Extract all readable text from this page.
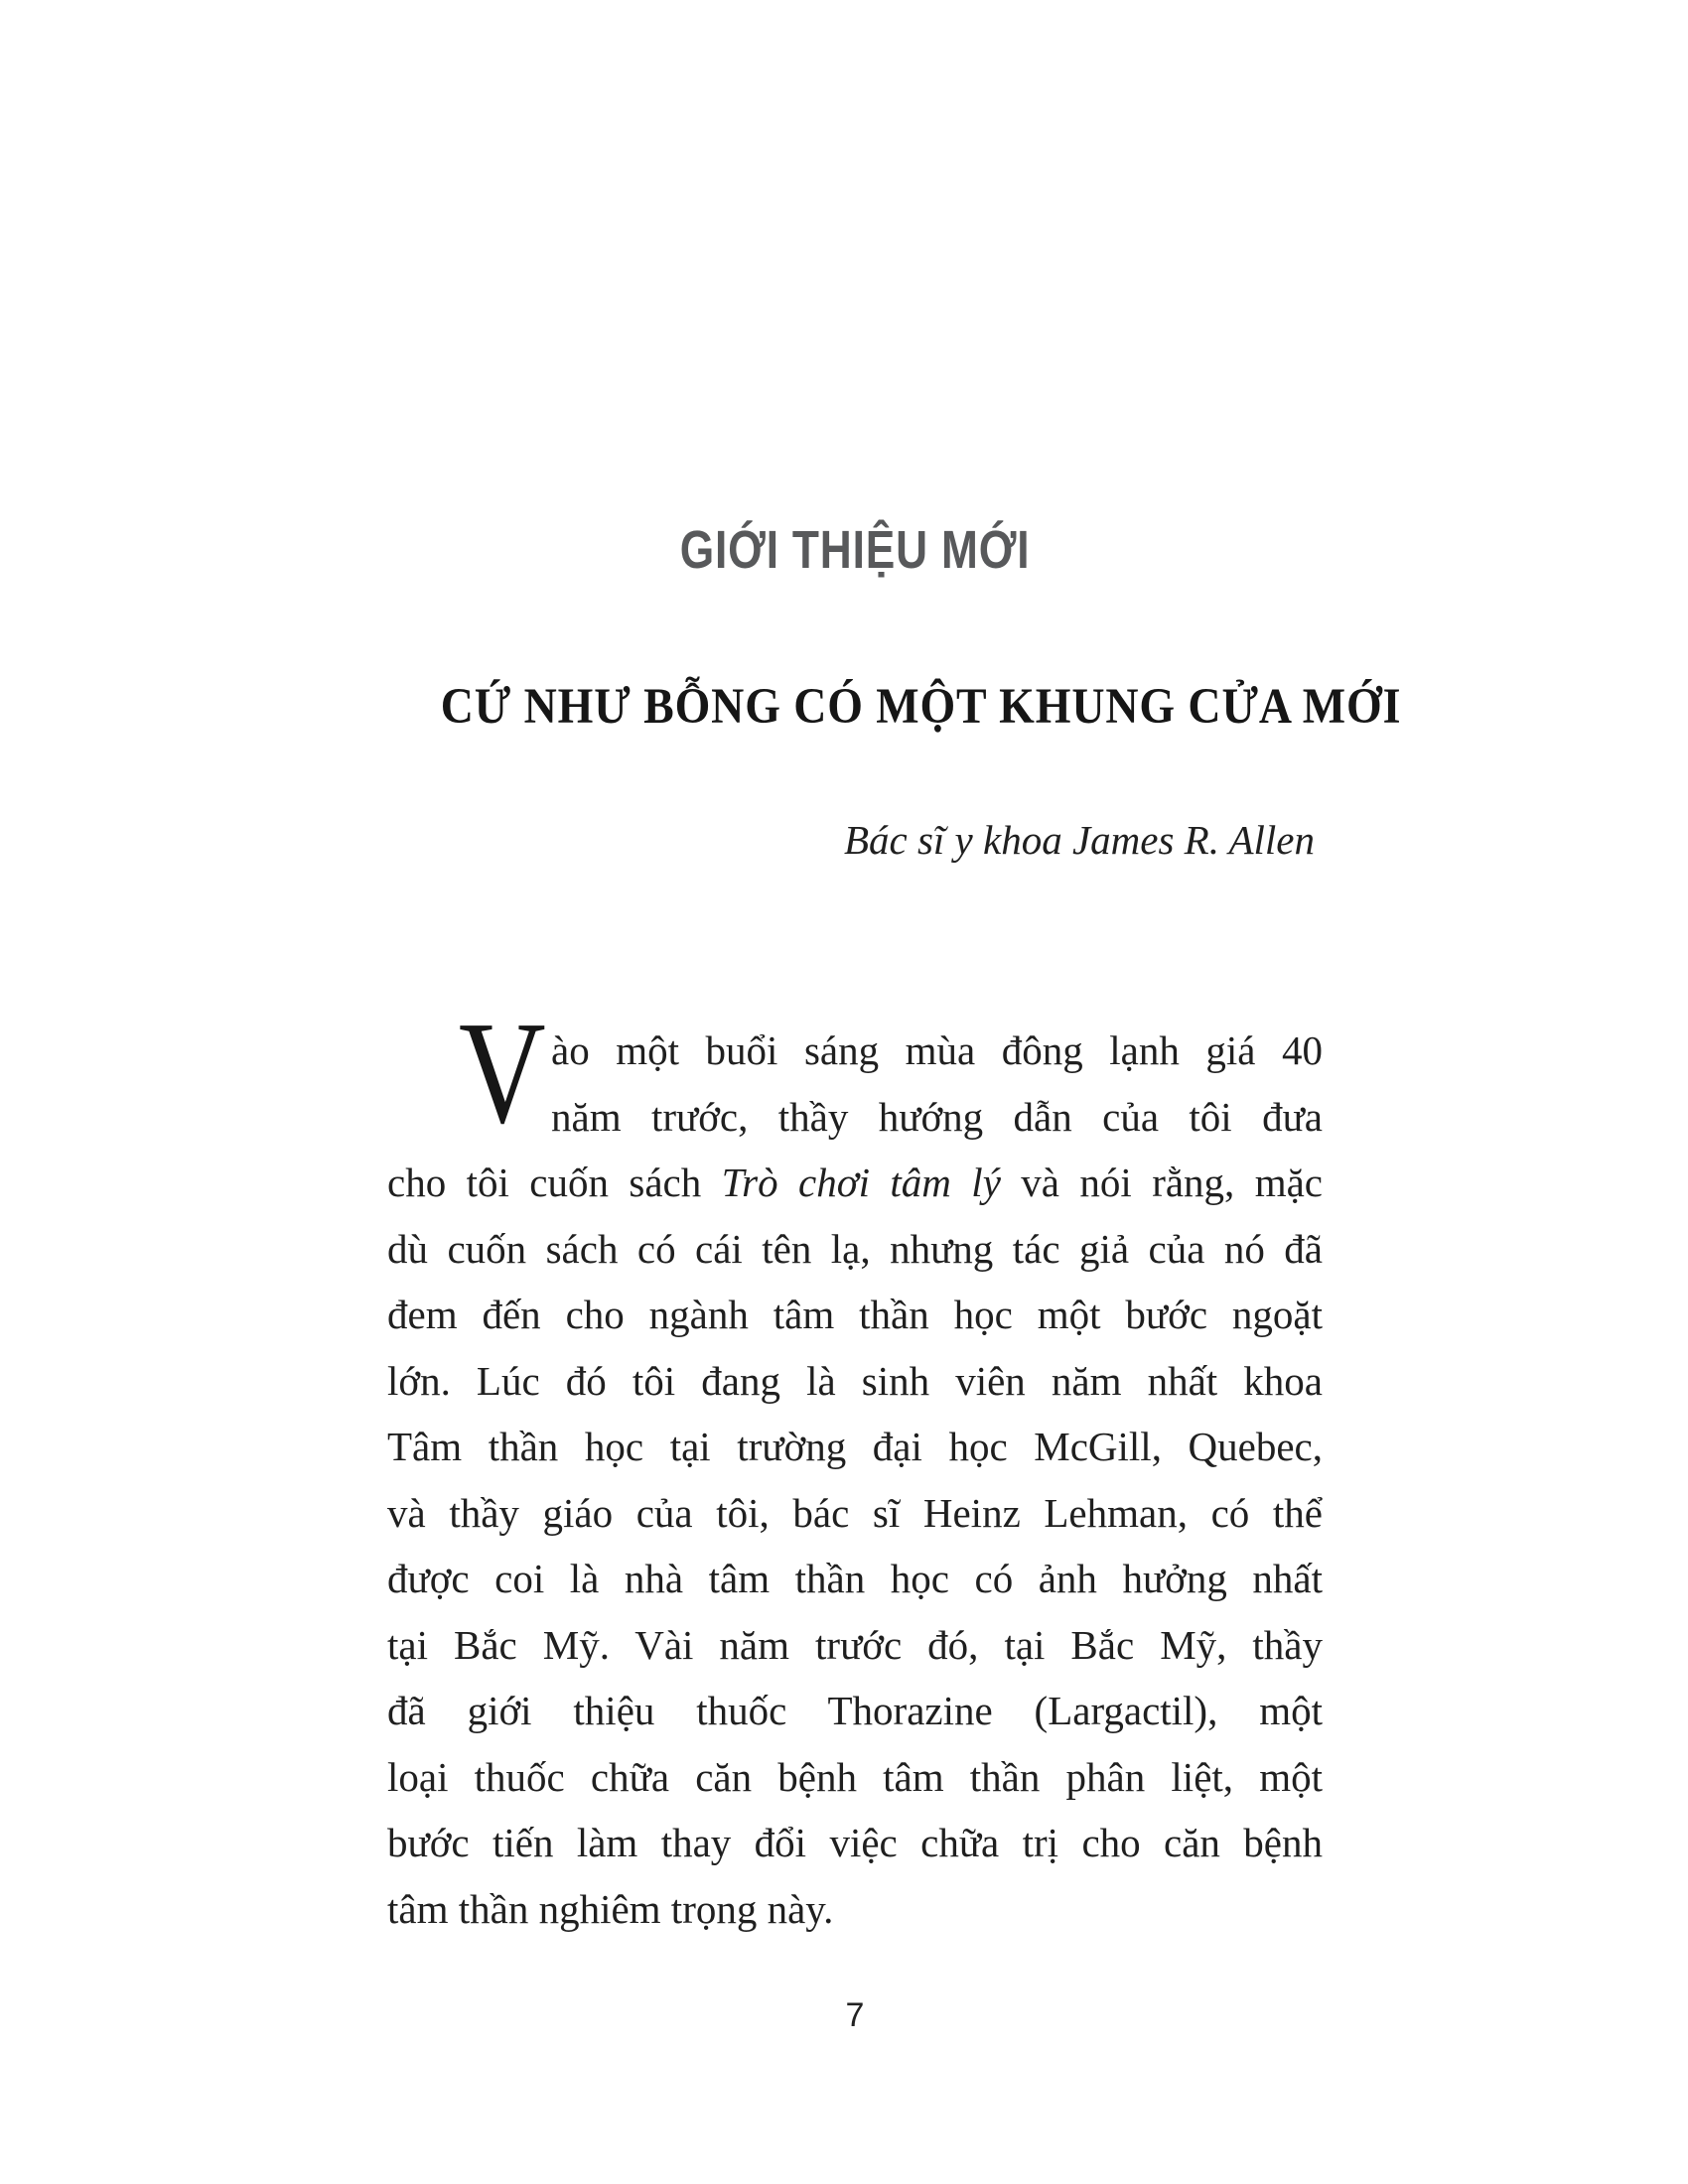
GIỚI THIỆU MỚI
CỨ NHƯ BỖNG CÓ MỘT KHUNG CỬA MỚI
Bác sĩ y khoa James R. Allen
V ào một buổi sáng mùa đông lạnh giá 40
năm trước, thầy hướng dẫn của tôi đưa
cho tôi cuốn sách Trò chơi tâm lý và nói rằng, mặc
dù cuốn sách có cái tên lạ, nhưng tác giả của nó đã
đem đến cho ngành tâm thần học một bước ngoặt
lớn. Lúc đó tôi đang là sinh viên năm nhất khoa
Tâm thần học tại trường đại học McGill, Quebec,
và thầy giáo của tôi, bác sĩ Heinz Lehman, có thể
được coi là nhà tâm thần học có ảnh hưởng nhất
tại Bắc Mỹ. Vài năm trước đó, tại Bắc Mỹ, thầy
đã giới thiệu thuốc Thorazine (Largactil), một
loại thuốc chữa căn bệnh tâm thần phân liệt, một
bước tiến làm thay đổi việc chữa trị cho căn bệnh
tâm thần nghiêm trọng này.
7
